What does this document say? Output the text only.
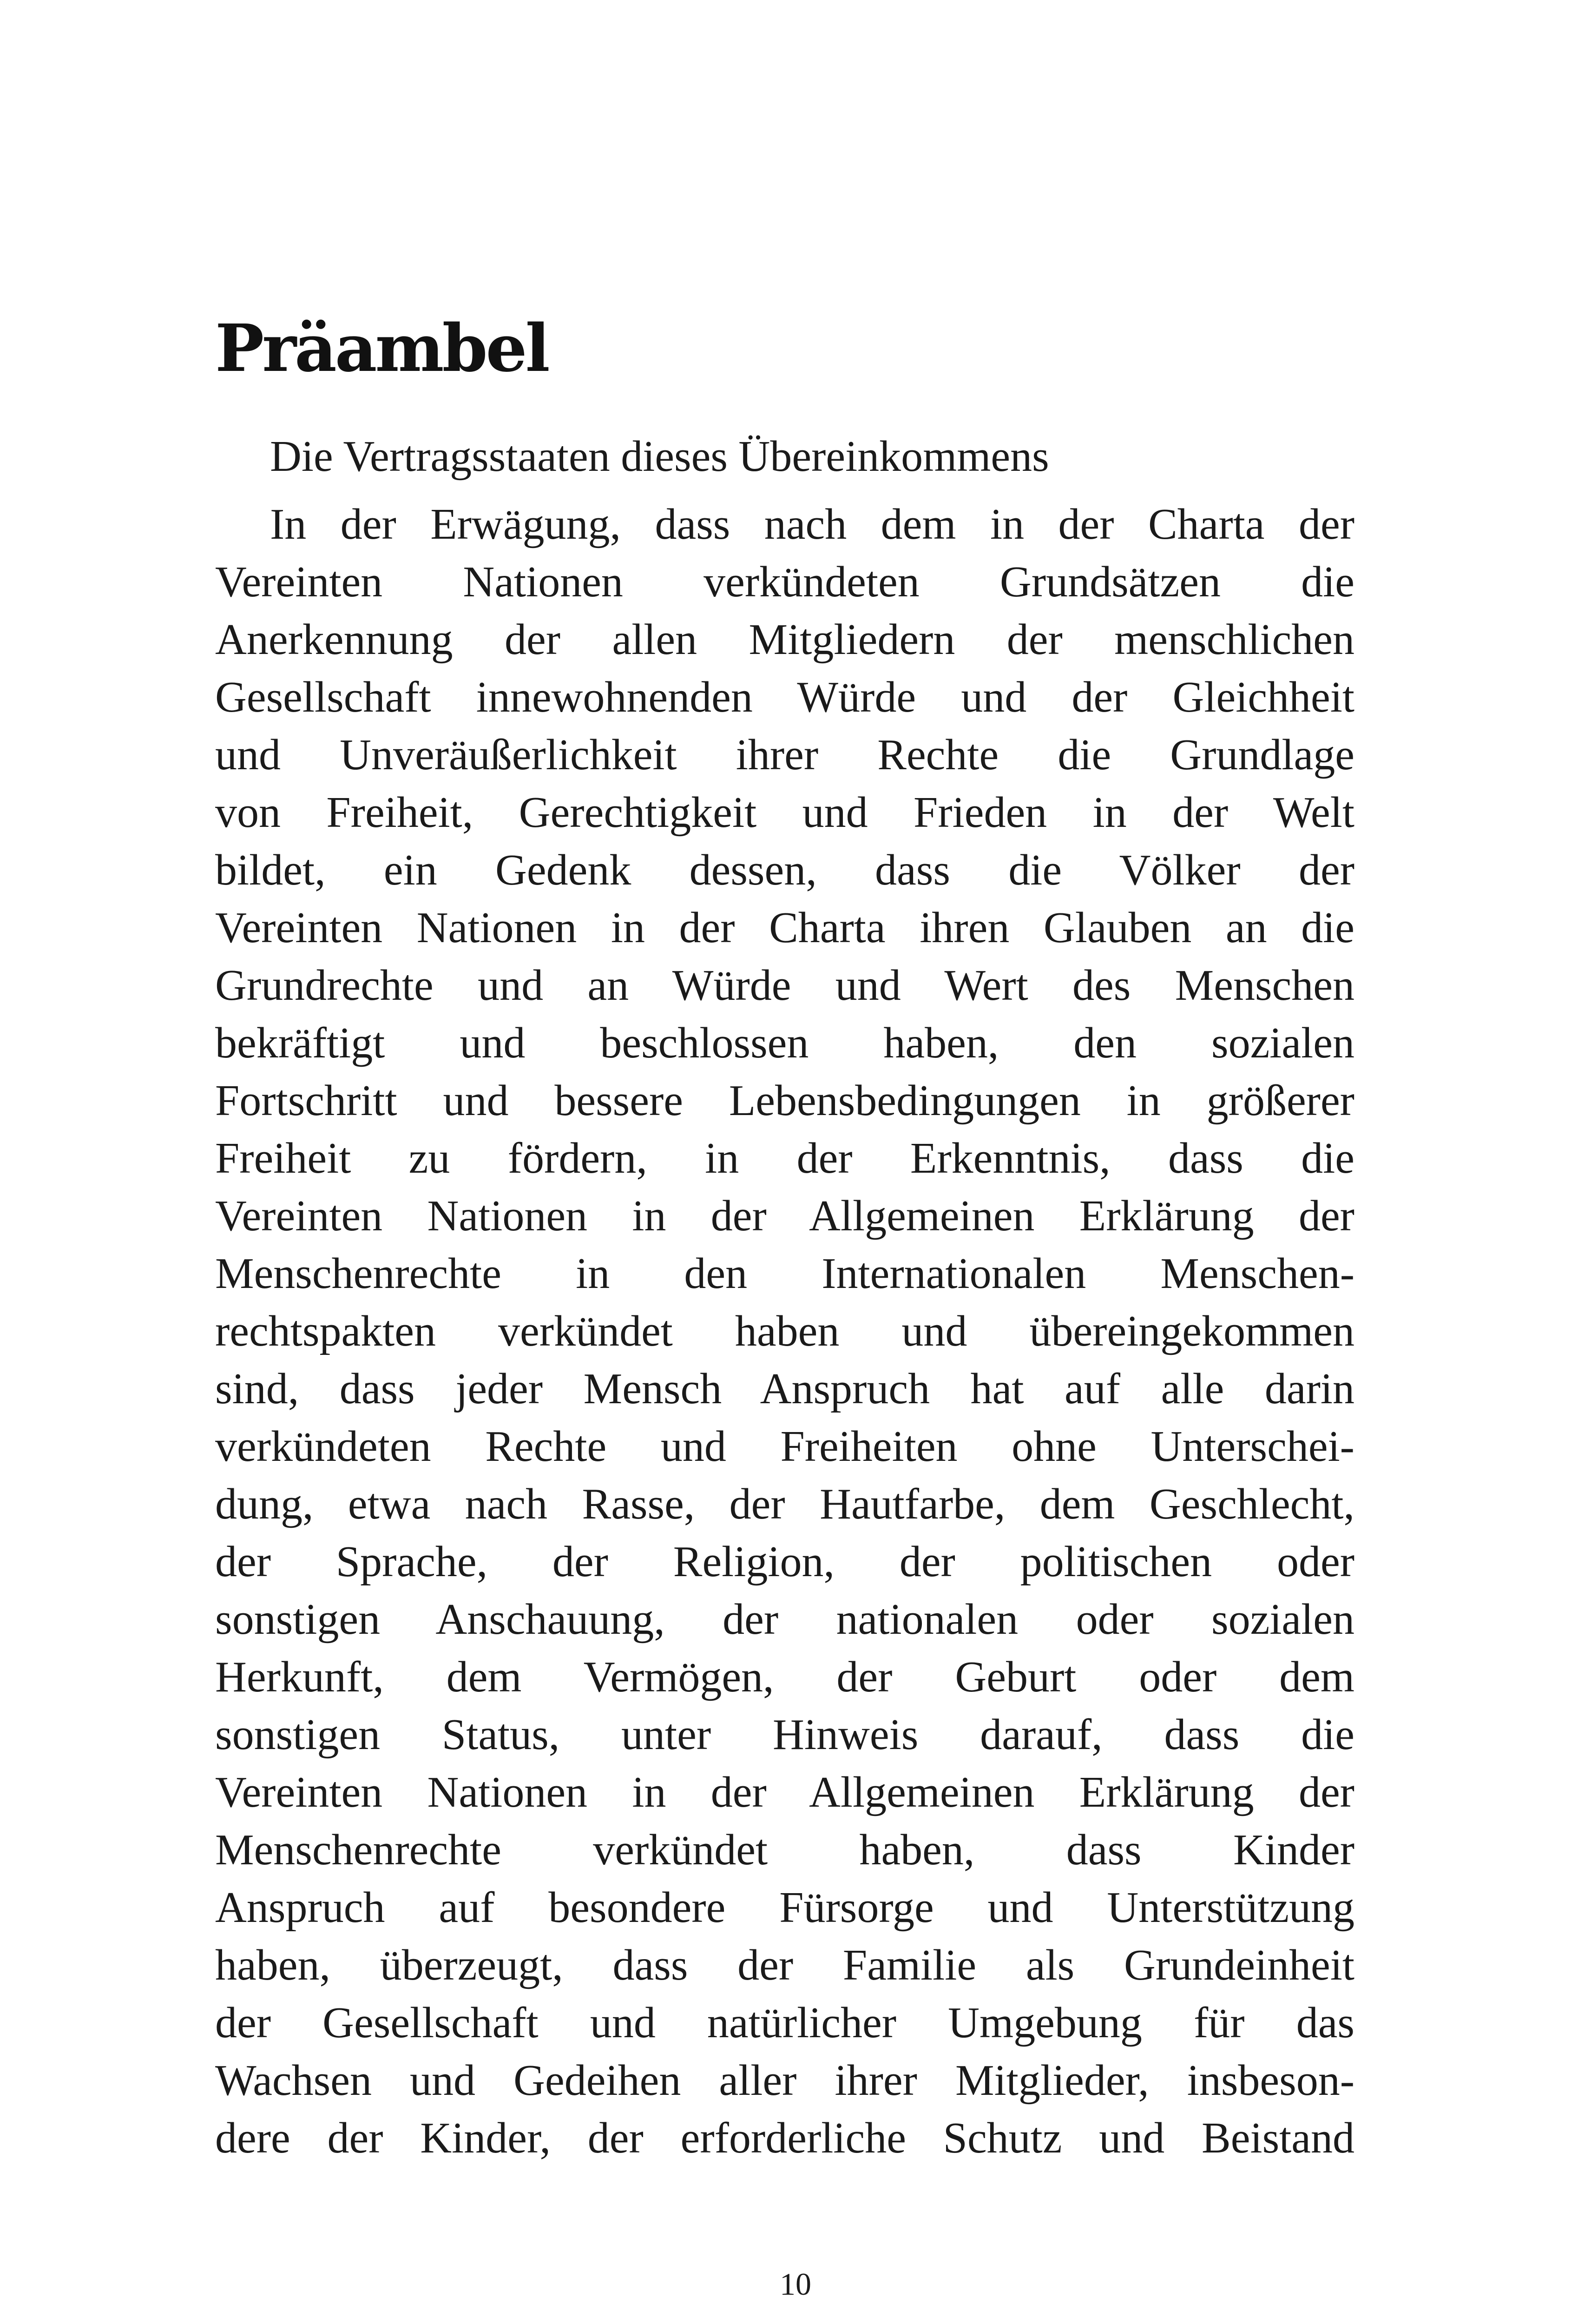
Präambel

Die Vertragsstaaten dieses Übereinkommens

In der Erwägung, dass nach dem in der Charta der
Vereinten Nationen verkündeten Grundsätzen die
Anerkennung der allen Mitgliedern der menschlichen
Gesellschaft innewohnenden Würde und der Gleichheit
und Unveräußerlichkeit ihrer Rechte die Grundlage
von Freiheit, Gerechtigkeit und Frieden in der Welt
bildet, ein Gedenk dessen, dass die Völker der
Vereinten Nationen in der Charta ihren Glauben an die
Grundrechte und an Würde und Wert des Menschen
bekräftigt und beschlossen haben, den sozialen
Fortschritt und bessere Lebensbedingungen in größerer
Freiheit zu fördern, in der Erkenntnis, dass die
Vereinten Nationen in der Allgemeinen Erklärung der
Menschenrechte in den Internationalen Menschen-
rechtspakten verkündet haben und übereingekommen
sind, dass jeder Mensch Anspruch hat auf alle darin
verkündeten Rechte und Freiheiten ohne Unterschei-
dung, etwa nach Rasse, der Hautfarbe, dem Geschlecht,
der Sprache, der Religion, der politischen oder
sonstigen Anschauung, der nationalen oder sozialen
Herkunft, dem Vermögen, der Geburt oder dem
sonstigen Status, unter Hinweis darauf, dass die
Vereinten Nationen in der Allgemeinen Erklärung der
Menschenrechte verkündet haben, dass Kinder
Anspruch auf besondere Fürsorge und Unterstützung
haben, überzeugt, dass der Familie als Grundeinheit
der Gesellschaft und natürlicher Umgebung für das
Wachsen und Gedeihen aller ihrer Mitglieder, insbeson-
dere der Kinder, der erforderliche Schutz und Beistand
10
